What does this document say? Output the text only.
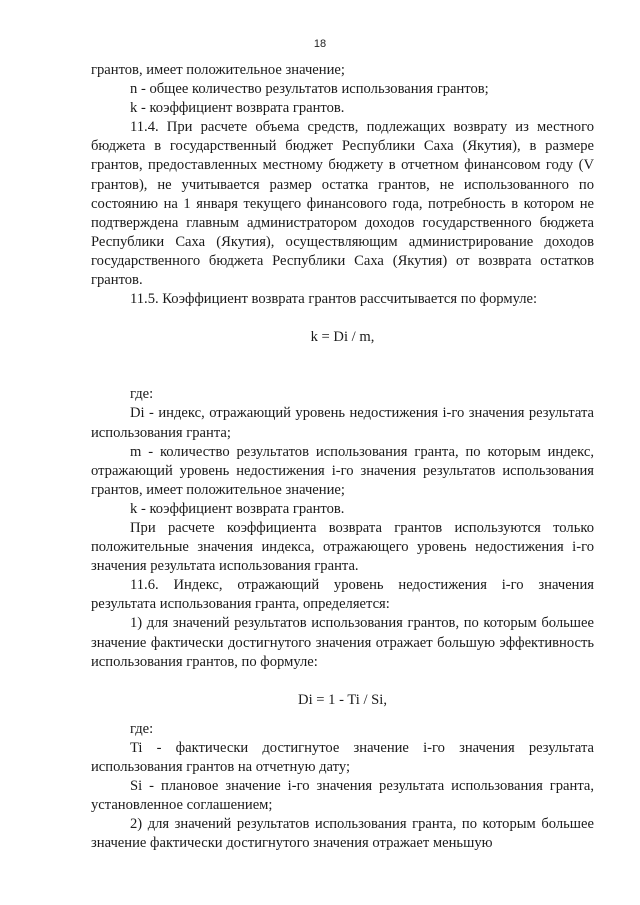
18

грантов, имеет положительное значение;

n - общее количество результатов использования грантов;

k - коэффициент возврата грантов.

11.4. При расчете объема средств, подлежащих возврату из местного бюджета в государственный бюджет Республики Саха (Якутия), в размере грантов, предоставленных местному бюджету в отчетном финансовом году (V грантов), не учитывается размер остатка грантов, не использованного по состоянию на 1 января текущего финансового года, потребность в котором не подтверждена главным администратором доходов государственного бюджета Республики Саха (Якутия), осуществляющим администрирование доходов государственного бюджета Республики Саха (Якутия) от возврата остатков грантов.

11.5. Коэффициент возврата грантов рассчитывается по формуле:

k = Di / m,

где:

Di - индекс, отражающий уровень недостижения i-го значения результата использования гранта;

m - количество результатов использования гранта, по которым индекс, отражающий уровень недостижения i-го значения результатов использования грантов, имеет положительное значение;

k - коэффициент возврата грантов.

При расчете коэффициента возврата грантов используются только положительные значения индекса, отражающего уровень недостижения i-го значения результата использования гранта.

11.6. Индекс, отражающий уровень недостижения i-го значения результата использования гранта, определяется:

1) для значений результатов использования грантов, по которым большее значение фактически достигнутого значения отражает большую эффективность использования грантов, по формуле:

Di = 1 - Ti / Si,

где:

Ti - фактически достигнутое значение i-го значения результата использования грантов на отчетную дату;

Si - плановое значение i-го значения результата использования гранта, установленное соглашением;

2) для значений результатов использования гранта, по которым большее значение фактически достигнутого значения отражает меньшую
